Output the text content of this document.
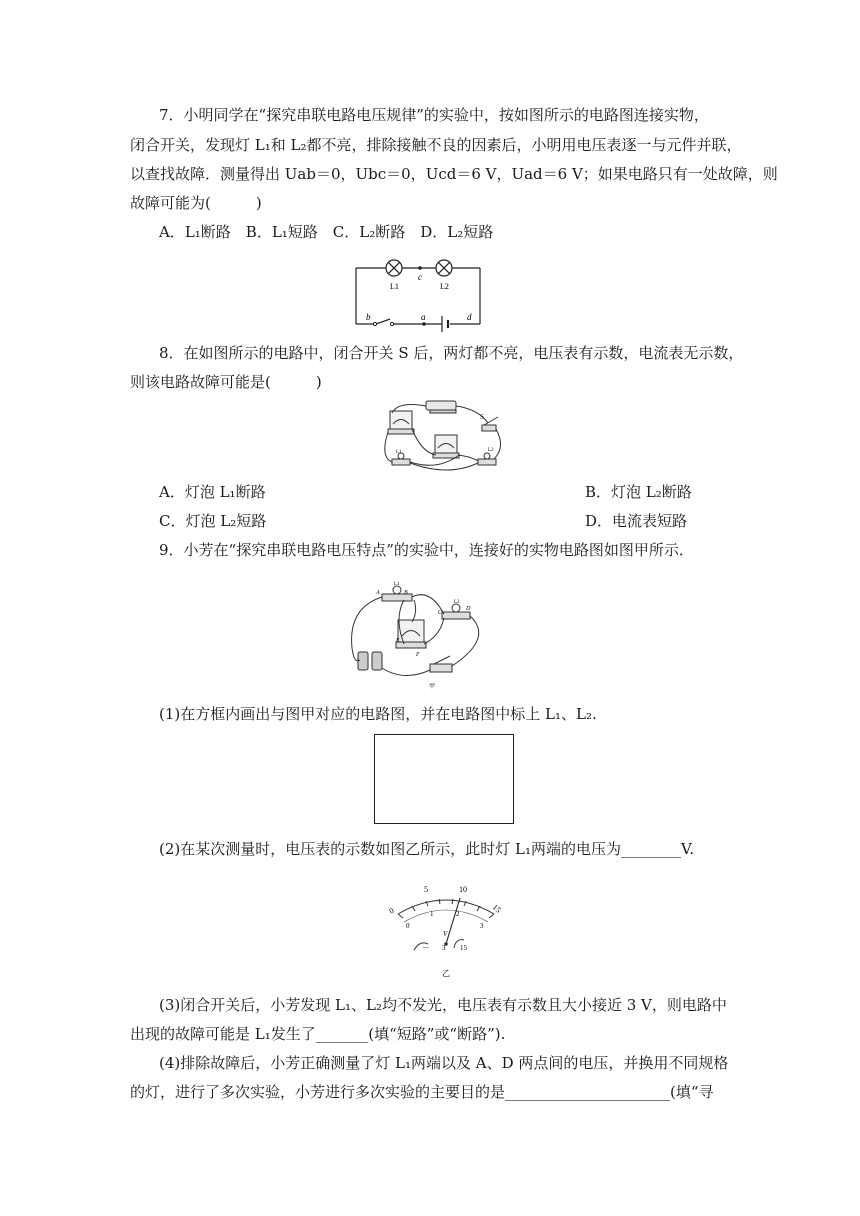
7．小明同学在“探究串联电路电压规律”的实验中，按如图所示的电路图连接实物，
闭合开关，发现灯 L₁和 L₂都不亮，排除接触不良的因素后，小明用电压表逐一与元件并联，
以查找故障．测量得出 Uab＝0，Ubc＝0，Ucd＝6 V，Uad＝6 V；如果电路只有一处故障，则
故障可能为(　　　)
A．L₁断路　B．L₁短路　C．L₂断路　D．L₂短路
c
L1	L2
b	a	d
8．在如图所示的电路中，闭合开关 S 后，两灯都不亮，电压表有示数，电流表无示数，
则该电路故障可能是(　　　)
S
L1	L2
A．灯泡 L₁断路	B．灯泡 L₂断路
C．灯泡 L₂短路	D．电流表短路
9．小芳在“探究串联电路电压特点”的实验中，连接好的实物电路图如图甲所示．
A	B
L1
C
D
L2
E
F
甲
(1)在方框内画出与图甲对应的电路图，并在电路图中标上 L₁、L₂.
(2)在某次测量时，电压表的示数如图乙所示，此时灯 L₁两端的电压为________V.
0
5	10
15
0
1	2
3
V
－ 3 15
乙
(3)闭合开关后，小芳发现 L₁、L₂均不发光，电压表有示数且大小接近 3 V，则电路中
出现的故障可能是 L₁发生了_______(填“短路”或“断路”).
(4)排除故障后，小芳正确测量了灯 L₁两端以及 A、D 两点间的电压，并换用不同规格
的灯，进行了多次实验，小芳进行多次实验的主要目的是______________________(填“寻
